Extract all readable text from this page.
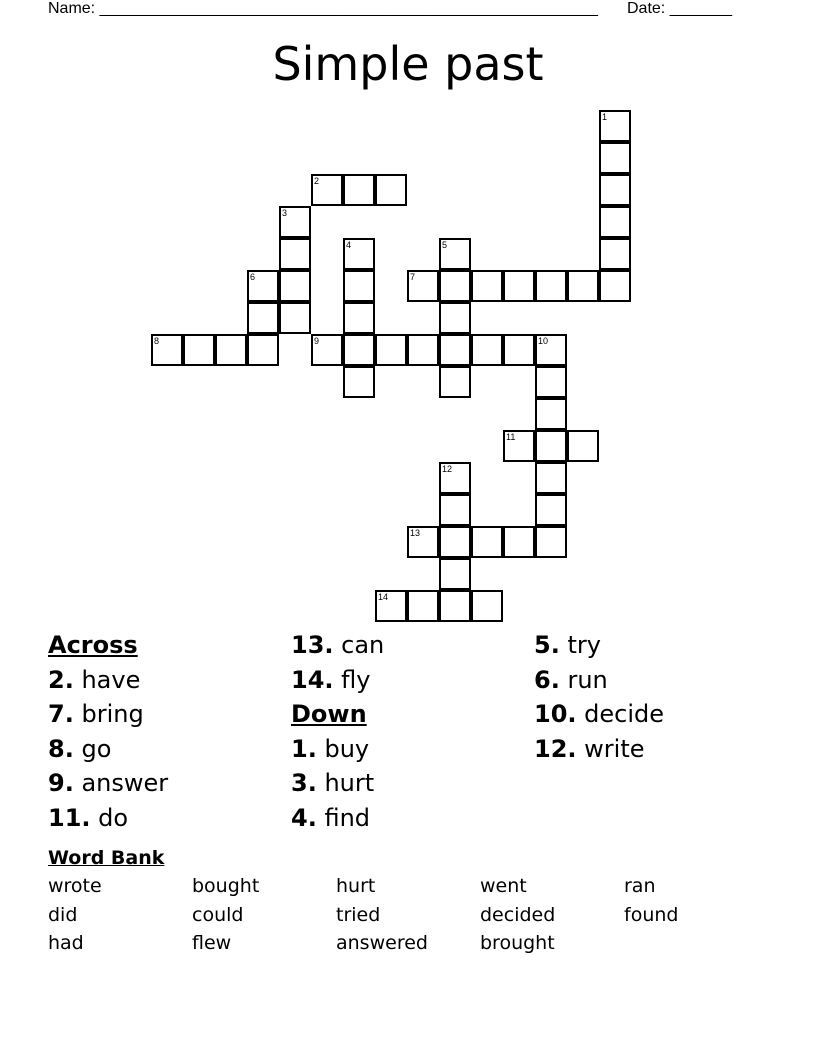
Name: ________________________________________________________ Date: _______
Simple past
1
2
3
4	5
6	7
8	9	10
11
12
13
14
Across
2. have
7. bring
8. go
9. answer
11. do
13. can
14. fly
Down
1. buy
3. hurt
4. find
5. try
6. run
10. decide
12. write
Word Bank
wrote	bought	hurt	went	ran
did	could	tried	decided	found
had	flew	answered	brought
